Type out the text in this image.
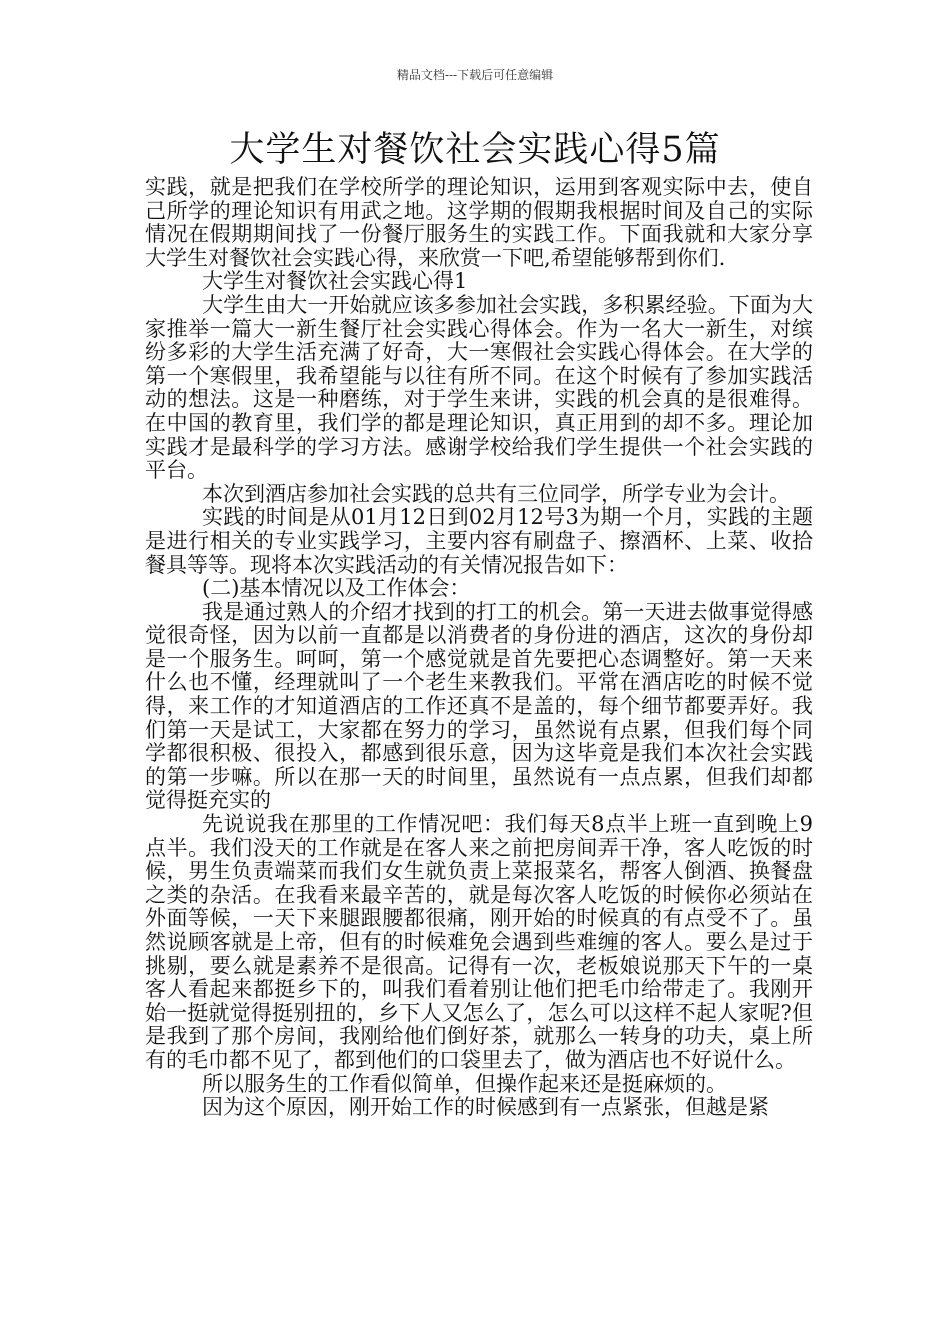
精品文档---下载后可任意编辑
大学生对餐饮社会实践心得5篇

实践，就是把我们在学校所学的理论知识，运用到客观实际中去，使自己所学的理论知识有用武之地。这学期的假期我根据时间及自己的实际情况在假期期间找了一份餐厅服务生的实践工作。下面我就和大家分享大学生对餐饮社会实践心得，来欣赏一下吧,希望能够帮到你们.

大学生对餐饮社会实践心得1

大学生由大一开始就应该多参加社会实践，多积累经验。下面为大家推举一篇大一新生餐厅社会实践心得体会。作为一名大一新生，对缤纷多彩的大学生活充满了好奇，大一寒假社会实践心得体会。在大学的第一个寒假里，我希望能与以往有所不同。在这个时候有了参加实践活动的想法。这是一种磨练，对于学生来讲，实践的机会真的是很难得。在中国的教育里，我们学的都是理论知识，真正用到的却不多。理论加实践才是最科学的学习方法。感谢学校给我们学生提供一个社会实践的平台。

本次到酒店参加社会实践的总共有三位同学，所学专业为会计。

实践的时间是从01月12日到02月12号3为期一个月，实践的主题是进行相关的专业实践学习，主要内容有刷盘子、擦酒杯、上菜、收拾餐具等等。现将本次实践活动的有关情况报告如下：

(二)基本情况以及工作体会：

我是通过熟人的介绍才找到的打工的机会。第一天进去做事觉得感觉很奇怪，因为以前一直都是以消费者的身份进的酒店，这次的身份却是一个服务生。呵呵，第一个感觉就是首先要把心态调整好。第一天来什么也不懂，经理就叫了一个老生来教我们。平常在酒店吃的时候不觉得，来工作的才知道酒店的工作还真不是盖的，每个细节都要弄好。我们第一天是试工，大家都在努力的学习，虽然说有点累，但我们每个同学都很积极、很投入，都感到很乐意，因为这毕竟是我们本次社会实践的第一步嘛。所以在那一天的时间里，虽然说有一点点累，但我们却都觉得挺充实的

先说说我在那里的工作情况吧：我们每天8点半上班一直到晚上9点半。我们没天的工作就是在客人来之前把房间弄干净，客人吃饭的时候，男生负责端菜而我们女生就负责上菜报菜名，帮客人倒酒、换餐盘之类的杂活。在我看来最辛苦的，就是每次客人吃饭的时候你必须站在外面等候，一天下来腿跟腰都很痛，刚开始的时候真的有点受不了。虽然说顾客就是上帝，但有的时候难免会遇到些难缠的客人。要么是过于挑剔，要么就是素养不是很高。记得有一次，老板娘说那天下午的一桌客人看起来都挺乡下的，叫我们看着别让他们把毛巾给带走了。我刚开始一挺就觉得挺别扭的，乡下人又怎么了，怎么可以这样不起人家呢?但是我到了那个房间，我刚给他们倒好茶，就那么一转身的功夫，桌上所有的毛巾都不见了，都到他们的口袋里去了，做为酒店也不好说什么。

所以服务生的工作看似简单，但操作起来还是挺麻烦的。

因为这个原因，刚开始工作的时候感到有一点紧张，但越是紧
